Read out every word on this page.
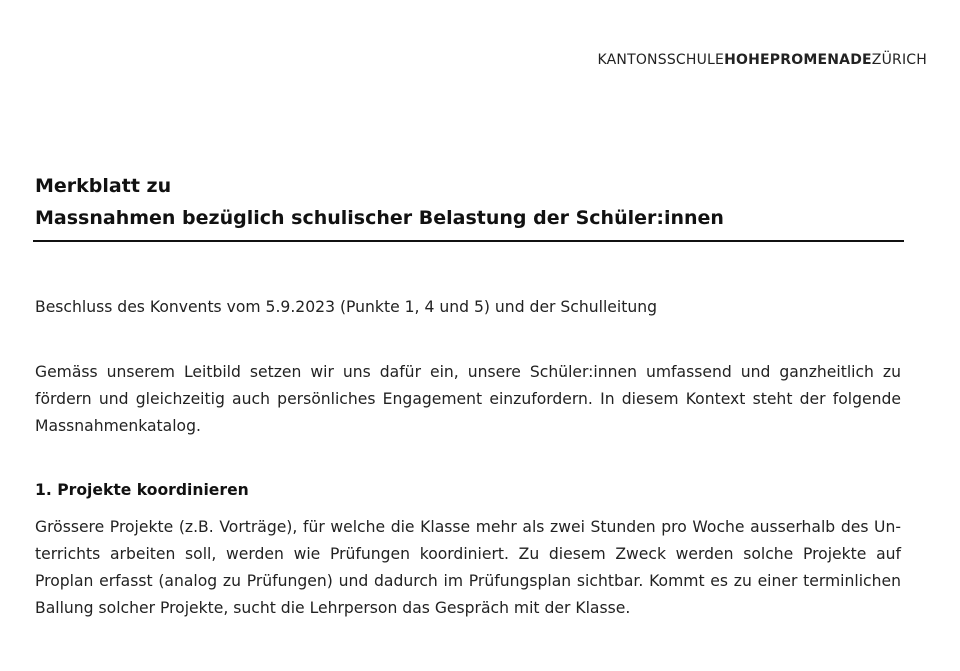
KANTONSSCHULEHOHEPROMENADEZÜRICH

Merkblatt zu

Massnahmen bezüglich schulischer Belastung der Schüler:innen

Beschluss des Konvents vom 5.9.2023 (Punkte 1, 4 und 5) und der Schulleitung

Gemäss unserem Leitbild setzen wir uns dafür ein, unsere Schüler:innen umfassend und ganzheitlich zu fördern und gleichzeitig auch persönliches Engagement einzufordern. In diesem Kontext steht der folgende Massnahmenkatalog.

1. Projekte koordinieren

Grössere Projekte (z.B. Vorträge), für welche die Klasse mehr als zwei Stunden pro Woche ausserhalb des Unterrichts arbeiten soll, werden wie Prüfungen koordiniert. Zu diesem Zweck werden solche Projekte auf Proplan erfasst (analog zu Prüfungen) und dadurch im Prüfungsplan sichtbar. Kommt es zu einer terminlichen Ballung solcher Projekte, sucht die Lehrperson das Gespräch mit der Klasse.
